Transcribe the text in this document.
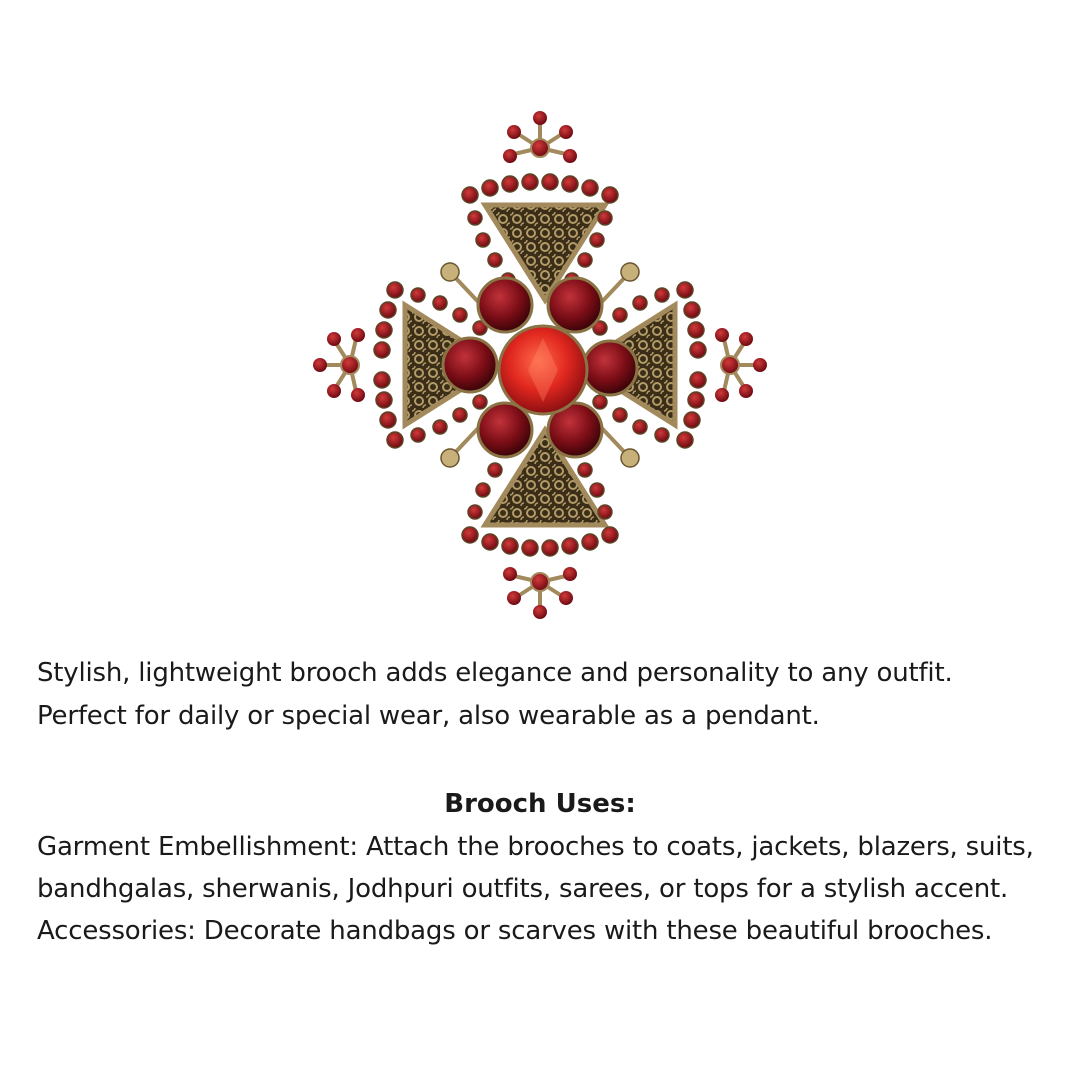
Stylish, lightweight brooch adds elegance and personality to any outfit.

Perfect for daily or special wear, also wearable as a pendant.

Brooch Uses:

Garment Embellishment: Attach the brooches to coats, jackets, blazers, suits,

bandhgalas, sherwanis, Jodhpuri outfits, sarees, or tops for a stylish accent.

Accessories: Decorate handbags or scarves with these beautiful brooches.
